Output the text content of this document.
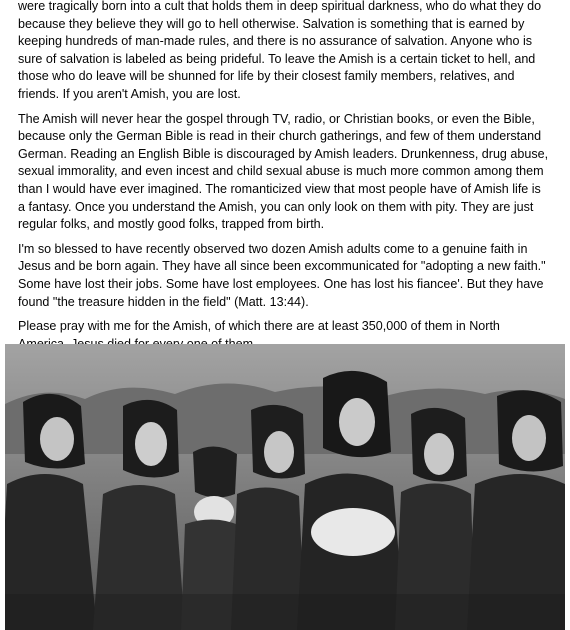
were tragically born into a cult that holds them in deep spiritual darkness, who do what they do
because they believe they will go to hell otherwise. Salvation is something that is earned by
keeping hundreds of man-made rules, and there is no assurance of salvation. Anyone who is
sure of salvation is labeled as being prideful. To leave the Amish is a certain ticket to hell, and
those who do leave will be shunned for life by their closest family members, relatives, and
friends. If you aren't Amish, you are lost.

The Amish will never hear the gospel through TV, radio, or Christian books, or even the Bible,
because only the German Bible is read in their church gatherings, and few of them understand
German. Reading an English Bible is discouraged by Amish leaders. Drunkenness, drug abuse,
sexual immorality, and even incest and child sexual abuse is much more common among them
than I would have ever imagined. The romanticized view that most people have of Amish life is
a fantasy. Once you understand the Amish, you can only look on them with pity. They are just
regular folks, and mostly good folks, trapped from birth.

I'm so blessed to have recently observed two dozen Amish adults come to a genuine faith in
Jesus and be born again. They have all since been excommunicated for "adopting a new faith."
Some have lost their jobs. Some have lost employees. One has lost his fiancee'. But they have
found "the treasure hidden in the field" (Matt. 13:44).

Please pray with me for the Amish, of which there are at least 350,000 of them in North
